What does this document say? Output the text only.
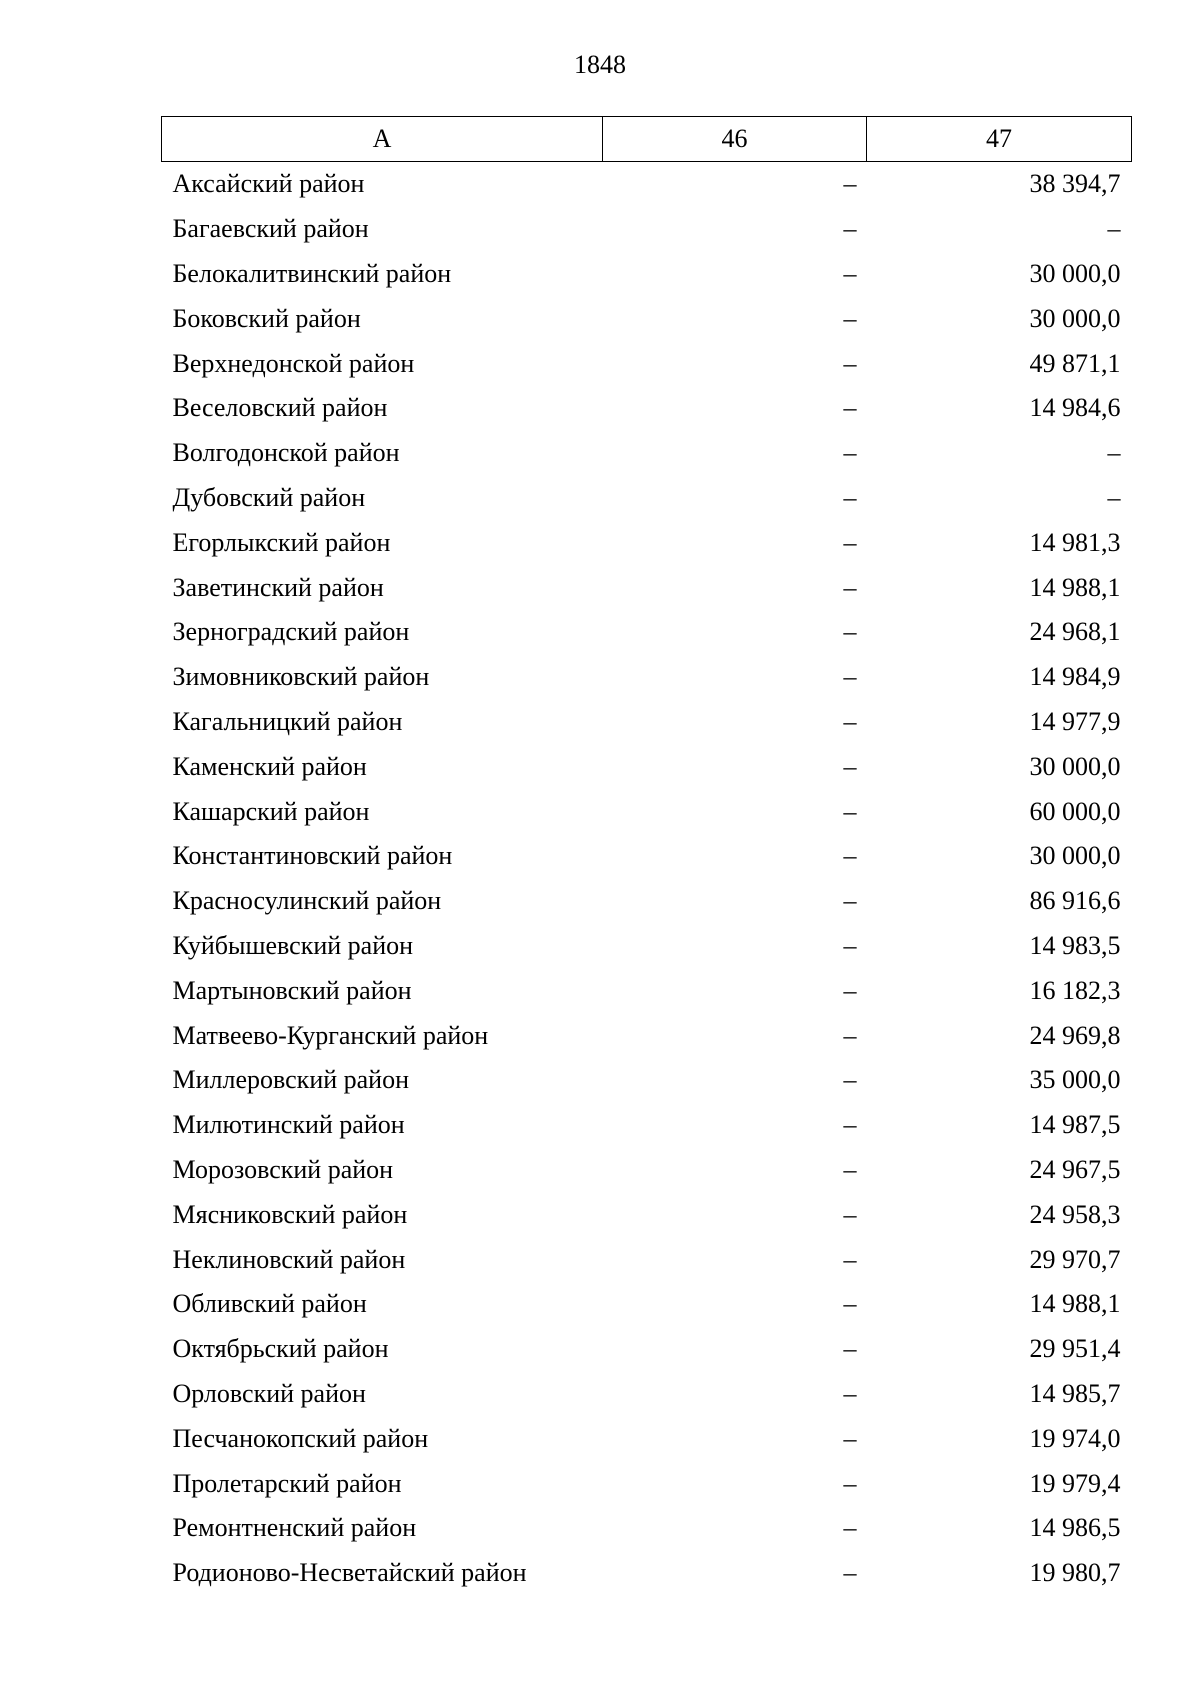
1848
А	46	47
Аксайский район	–	38 394,7
Багаевский район	–	–
Белокалитвинский район	–	30 000,0
Боковский район	–	30 000,0
Верхнедонской район	–	49 871,1
Веселовский район	–	14 984,6
Волгодонской район	–	–
Дубовский район	–	–
Егорлыкский район	–	14 981,3
Заветинский район	–	14 988,1
Зерноградский район	–	24 968,1
Зимовниковский район	–	14 984,9
Кагальницкий район	–	14 977,9
Каменский район	–	30 000,0
Кашарский район	–	60 000,0
Константиновский район	–	30 000,0
Красносулинский район	–	86 916,6
Куйбышевский район	–	14 983,5
Мартыновский район	–	16 182,3
Матвеево-Курганский район	–	24 969,8
Миллеровский район	–	35 000,0
Милютинский район	–	14 987,5
Морозовский район	–	24 967,5
Мясниковский район	–	24 958,3
Неклиновский район	–	29 970,7
Обливский район	–	14 988,1
Октябрьский район	–	29 951,4
Орловский район	–	14 985,7
Песчанокопский район	–	19 974,0
Пролетарский район	–	19 979,4
Ремонтненский район	–	14 986,5
Родионово-Несветайский район	–	19 980,7
